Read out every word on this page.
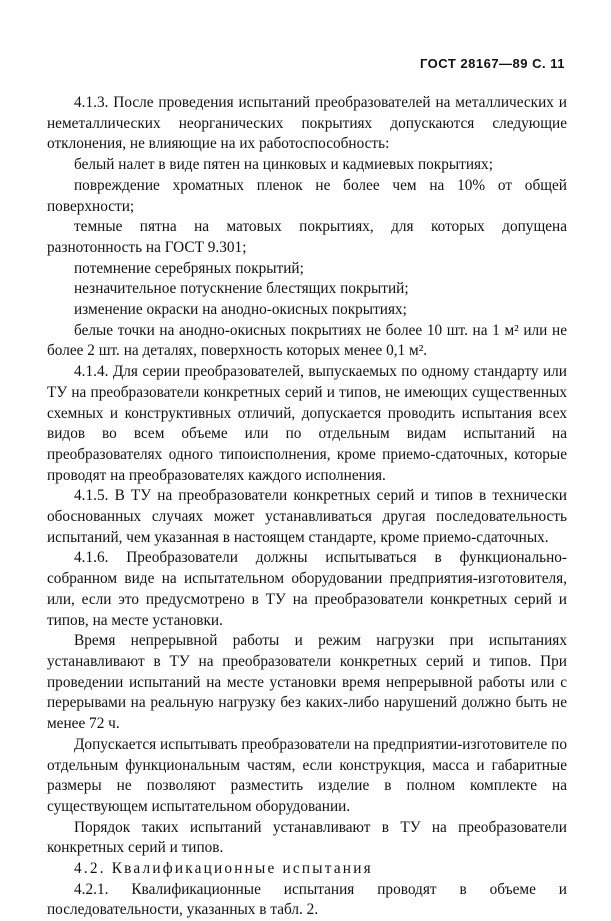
ГОСТ 28167—89 С. 11

4.1.3. После проведения испытаний преобразователей на металлических и неметаллических неорганических покрытиях допускаются следующие отклонения, не влияющие на их работоспособность:

белый налет в виде пятен на цинковых и кадмиевых покрытиях;

повреждение хроматных пленок не более чем на 10% от общей поверхности;

темные пятна на матовых покрытиях, для которых допущена разнотонность на ГОСТ 9.301;

потемнение серебряных покрытий;

незначительное потускнение блестящих покрытий;

изменение окраски на анодно-окисных покрытиях;

белые точки на анодно-окисных покрытиях не более 10 шт. на 1 м² или не более 2 шт. на деталях, поверхность которых менее 0,1 м².

4.1.4. Для серии преобразователей, выпускаемых по одному стандарту или ТУ на преобразователи конкретных серий и типов, не имеющих существенных схемных и конструктивных отличий, допускается проводить испытания всех видов во всем объеме или по отдельным видам испытаний на преобразователях одного типоисполнения, кроме приемо-сдаточных, которые проводят на преобразователях каждого исполнения.

4.1.5. В ТУ на преобразователи конкретных серий и типов в технически обоснованных случаях может устанавливаться другая последовательность испытаний, чем указанная в настоящем стандарте, кроме приемо-сдаточных.

4.1.6. Преобразователи должны испытываться в функционально-собранном виде на испытательном оборудовании предприятия-изготовителя, или, если это предусмотрено в ТУ на преобразователи конкретных серий и типов, на месте установки.

Время непрерывной работы и режим нагрузки при испытаниях устанавливают в ТУ на преобразователи конкретных серий и типов. При проведении испытаний на месте установки время непрерывной работы или с перерывами на реальную нагрузку без каких-либо нарушений должно быть не менее 72 ч.

Допускается испытывать преобразователи на предприятии-изготовителе по отдельным функциональным частям, если конструкция, масса и габаритные размеры не позволяют разместить изделие в полном комплекте на существующем испытательном оборудовании.

Порядок таких испытаний устанавливают в ТУ на преобразователи конкретных серий и типов.

4.2. Квалификационные испытания

4.2.1. Квалификационные испытания проводят в объеме и последовательности, указанных в табл. 2.
